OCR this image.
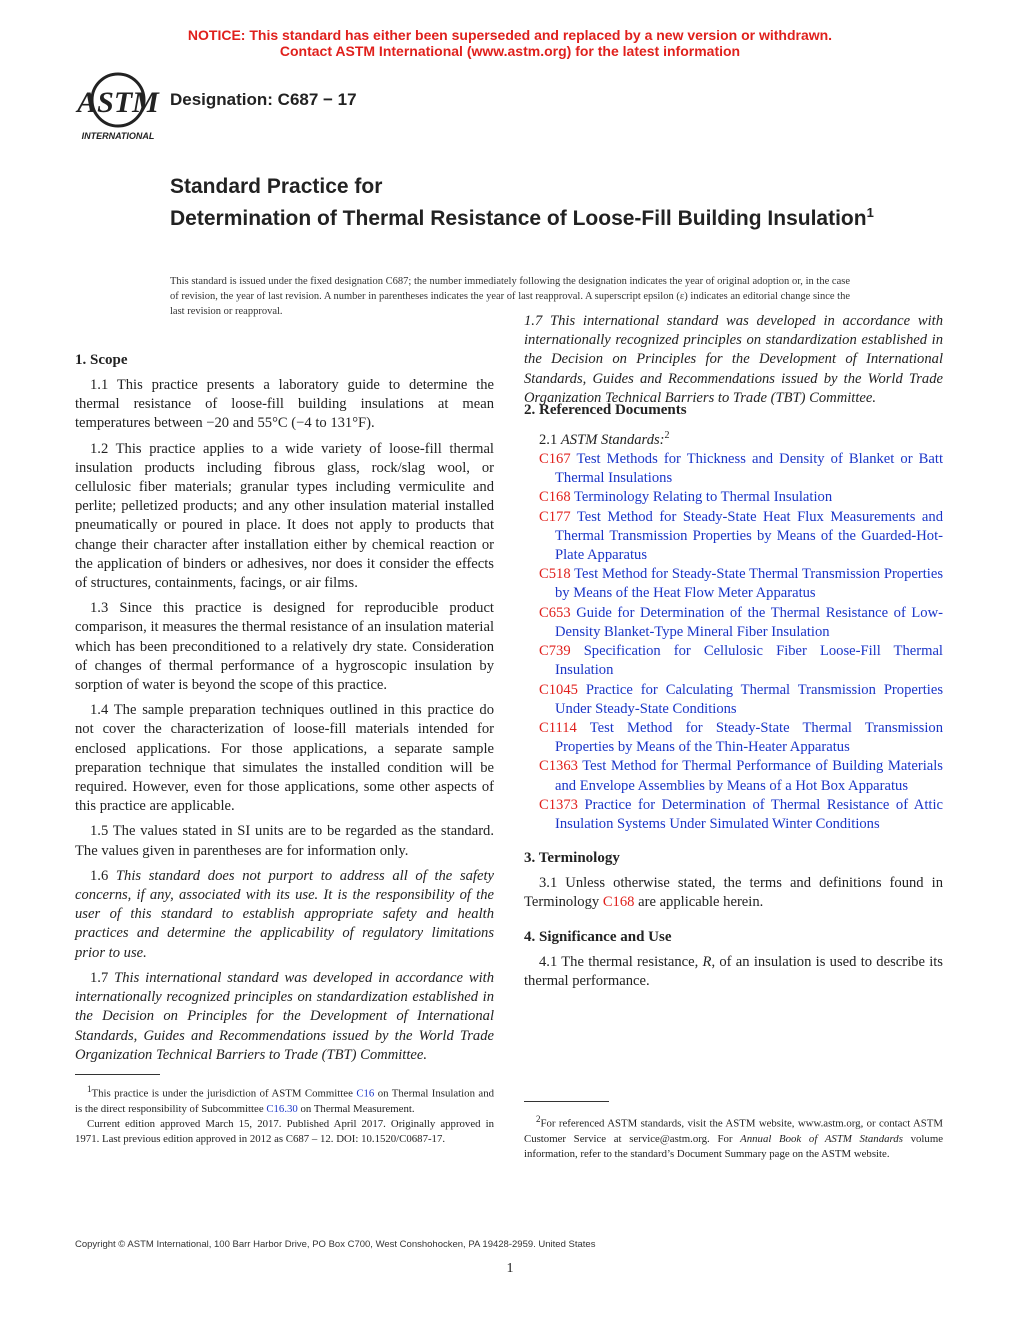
NOTICE: This standard has either been superseded and replaced by a new version or withdrawn.
Contact ASTM International (www.astm.org) for the latest information
ASTM
INTERNATIONAL
Designation: C687 − 17
Standard Practice for
Determination of Thermal Resistance of Loose-Fill Building Insulation$^1$
This standard is issued under the fixed designation C687; the number immediately following the designation indicates the year of original adoption or, in the case of revision, the year of last revision. A number in parentheses indicates the year of last reapproval. A superscript epsilon (ε) indicates an editorial change since the last revision or reapproval.
1. Scope

1.1 This practice presents a laboratory guide to determine the thermal resistance of loose-fill building insulations at mean temperatures between −20 and 55°C (−4 to 131°F).

1.2 This practice applies to a wide variety of loose-fill thermal insulation products including fibrous glass, rock/slag wool, or cellulosic fiber materials; granular types including vermiculite and perlite; pelletized products; and any other insulation material installed pneumatically or poured in place. It does not apply to products that change their character after installation either by chemical reaction or the application of binders or adhesives, nor does it consider the effects of structures, containments, facings, or air films.

1.3 Since this practice is designed for reproducible product comparison, it measures the thermal resistance of an insulation material which has been preconditioned to a relatively dry state. Consideration of changes of thermal performance of a hygroscopic insulation by sorption of water is beyond the scope of this practice.

1.4 The sample preparation techniques outlined in this practice do not cover the characterization of loose-fill materials intended for enclosed applications. For those applications, a separate sample preparation technique that simulates the installed condition will be required. However, even for those applications, some other aspects of this practice are applicable.

1.5 The values stated in SI units are to be regarded as the standard. The values given in parentheses are for information only.

1.6 This standard does not purport to address all of the safety concerns, if any, associated with its use. It is the responsibility of the user of this standard to establish appropriate safety and health practices and determine the applicability of regulatory limitations prior to use.

1.7 This international standard was developed in accordance with internationally recognized principles on standardization established in the Decision on Principles for the Development of International Standards, Guides and Recommendations issued by the World Trade Organization Technical Barriers to Trade (TBT) Committee.

1.7 This international standard was developed in accordance with internationally recognized principles on standardization established in the Decision on Principles for the Development of International Standards, Guides and Recommendations issued by the World Trade Organization Technical Barriers to Trade (TBT) Committee.

2. Referenced Documents

2.1 ASTM Standards:$^2$

C167 Test Methods for Thickness and Density of Blanket or Batt Thermal Insulations
C168 Terminology Relating to Thermal Insulation
C177 Test Method for Steady-State Heat Flux Measurements and Thermal Transmission Properties by Means of the Guarded-Hot-Plate Apparatus
C518 Test Method for Steady-State Thermal Transmission Properties by Means of the Heat Flow Meter Apparatus
C653 Guide for Determination of the Thermal Resistance of Low-Density Blanket-Type Mineral Fiber Insulation
C739 Specification for Cellulosic Fiber Loose-Fill Thermal Insulation
C1045 Practice for Calculating Thermal Transmission Properties Under Steady-State Conditions
C1114 Test Method for Steady-State Thermal Transmission Properties by Means of the Thin-Heater Apparatus
C1363 Test Method for Thermal Performance of Building Materials and Envelope Assemblies by Means of a Hot Box Apparatus
C1373 Practice for Determination of Thermal Resistance of Attic Insulation Systems Under Simulated Winter Conditions
3. Terminology

3.1 Unless otherwise stated, the terms and definitions found in Terminology C168 are applicable herein.

4. Significance and Use

4.1 The thermal resistance, R, of an insulation is used to describe its thermal performance.

$^1$This practice is under the jurisdiction of ASTM Committee C16 on Thermal Insulation and is the direct responsibility of Subcommittee C16.30 on Thermal Measurement.

Current edition approved March 15, 2017. Published April 2017. Originally approved in 1971. Last previous edition approved in 2012 as C687 – 12. DOI: 10.1520/C0687-17.

$^2$For referenced ASTM standards, visit the ASTM website, www.astm.org, or contact ASTM Customer Service at service@astm.org. For Annual Book of ASTM Standards volume information, refer to the standard’s Document Summary page on the ASTM website.

Copyright © ASTM International, 100 Barr Harbor Drive, PO Box C700, West Conshohocken, PA 19428-2959. United States
1
